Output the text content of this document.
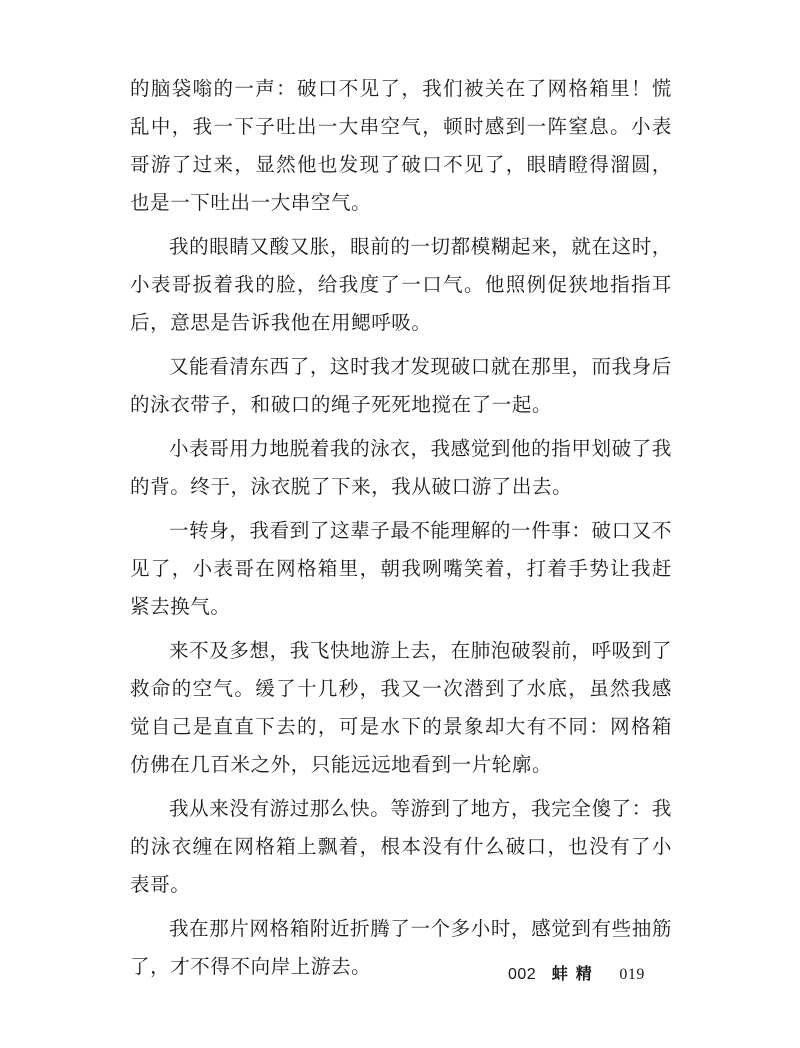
的脑袋嗡的一声：破口不见了，我们被关在了网格箱里！慌乱中，我一下子吐出一大串空气，顿时感到一阵窒息。小表哥游了过来，显然他也发现了破口不见了，眼睛瞪得溜圆，也是一下吐出一大串空气。

我的眼睛又酸又胀，眼前的一切都模糊起来，就在这时，小表哥扳着我的脸，给我度了一口气。他照例促狭地指指耳后，意思是告诉我他在用鳃呼吸。

又能看清东西了，这时我才发现破口就在那里，而我身后的泳衣带子，和破口的绳子死死地搅在了一起。

小表哥用力地脱着我的泳衣，我感觉到他的指甲划破了我的背。终于，泳衣脱了下来，我从破口游了出去。

一转身，我看到了这辈子最不能理解的一件事：破口又不见了，小表哥在网格箱里，朝我咧嘴笑着，打着手势让我赶紧去换气。

来不及多想，我飞快地游上去，在肺泡破裂前，呼吸到了救命的空气。缓了十几秒，我又一次潜到了水底，虽然我感觉自己是直直下去的，可是水下的景象却大有不同：网格箱仿佛在几百米之外，只能远远地看到一片轮廓。

我从来没有游过那么快。等游到了地方，我完全傻了：我的泳衣缠在网格箱上飘着，根本没有什么破口，也没有了小表哥。

我在那片网格箱附近折腾了一个多小时，感觉到有些抽筋了，才不得不向岸上游去。	002 蚌精 019
